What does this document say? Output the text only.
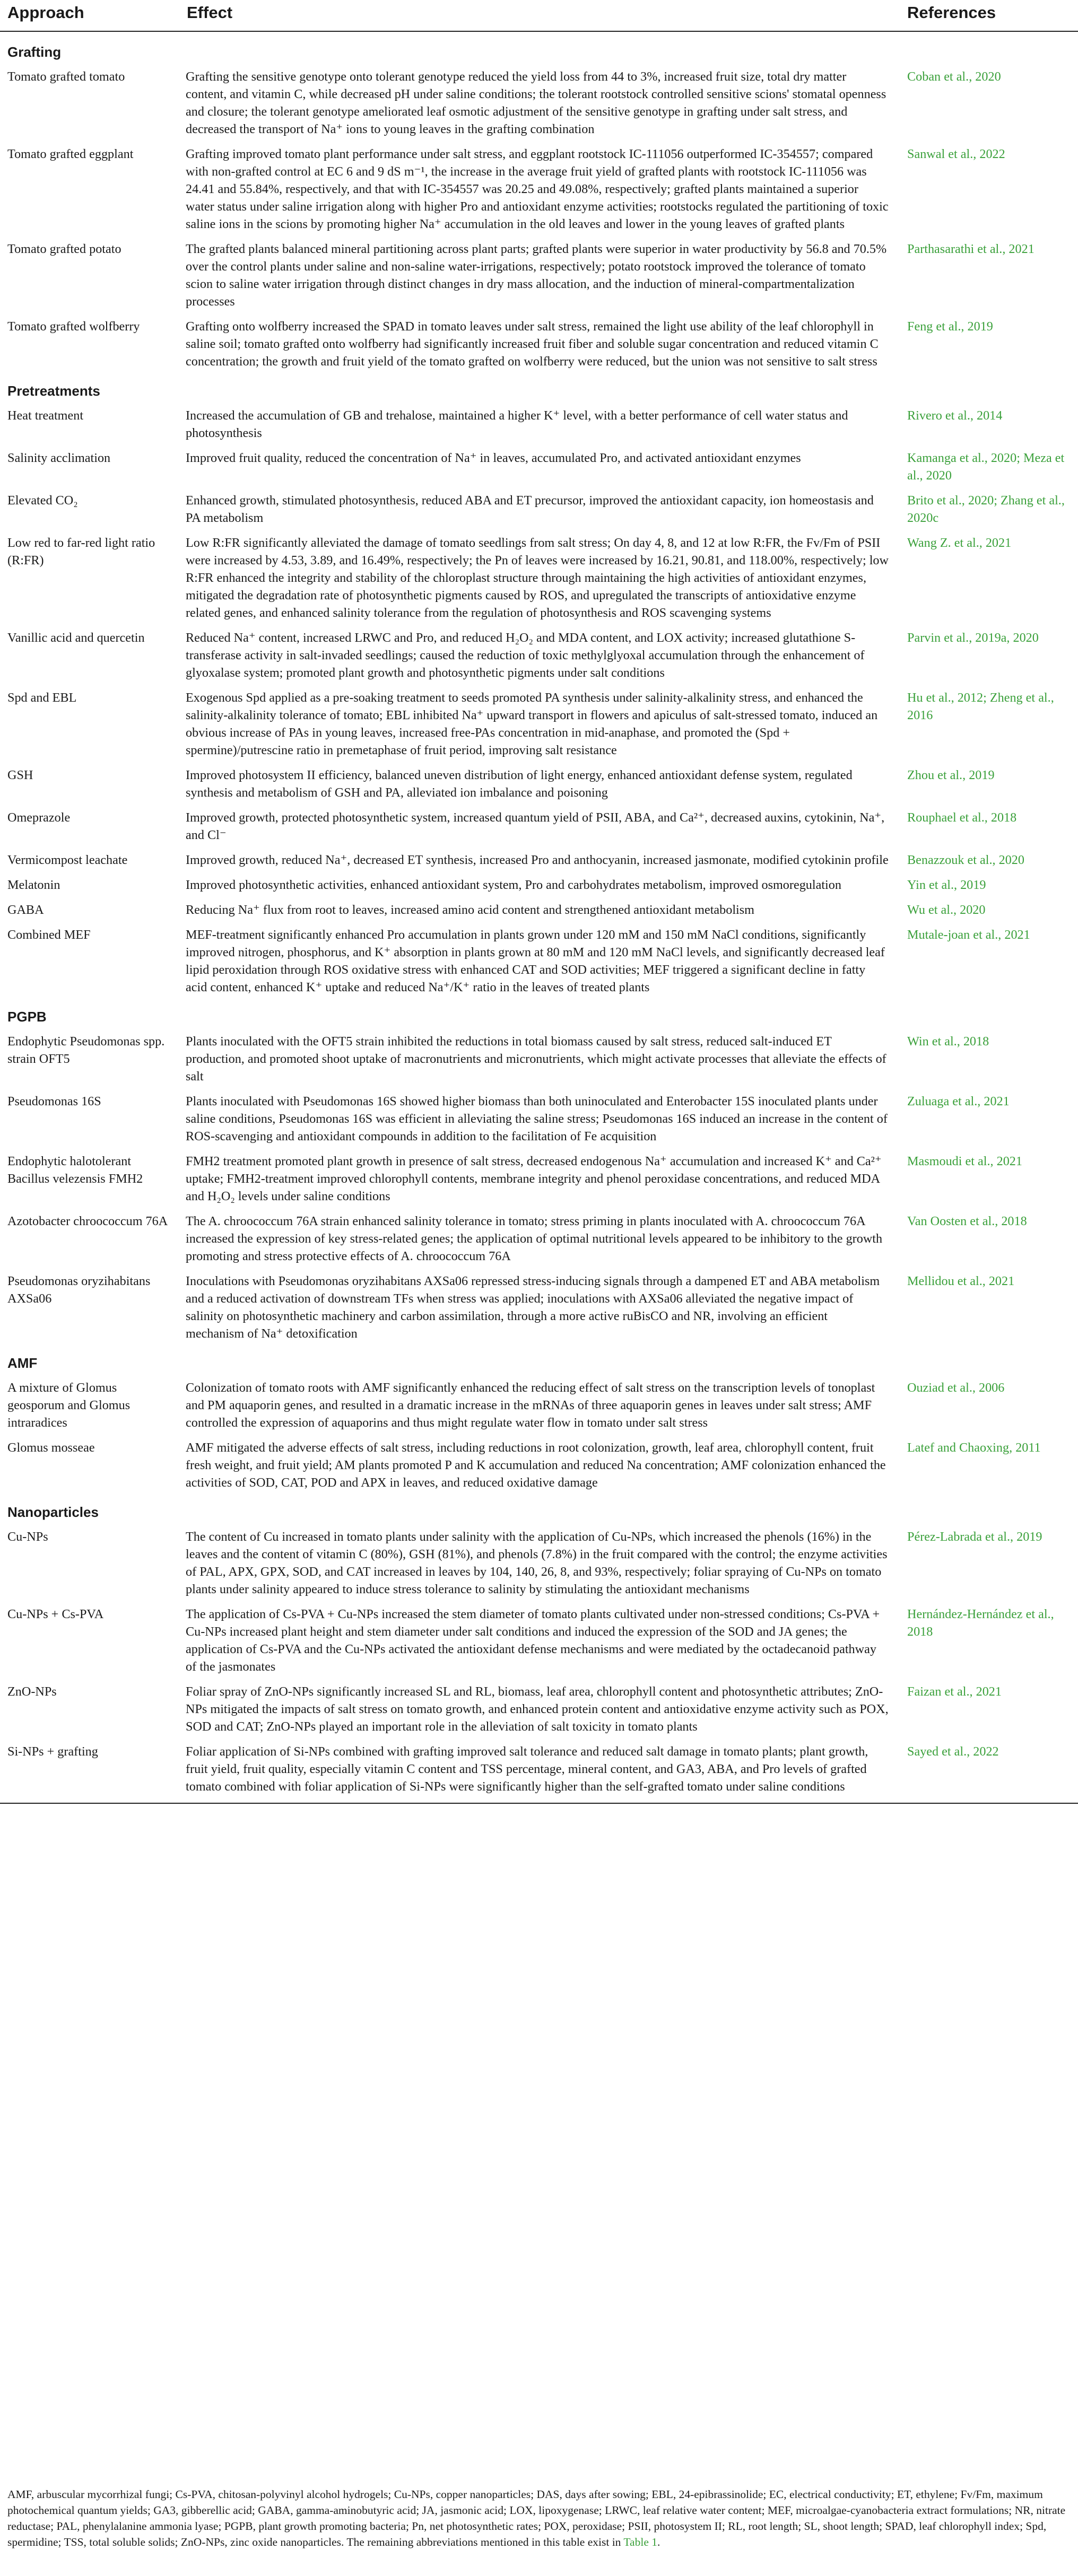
Approach	Effect	References
Grafting		
Tomato grafted tomato	Grafting the sensitive genotype onto tolerant genotype reduced the yield loss from 44 to 3%, increased fruit size, total dry matter content, and vitamin C, while decreased pH under saline conditions; the tolerant rootstock controlled sensitive scions' stomatal openness and closure; the tolerant genotype ameliorated leaf osmotic adjustment of the sensitive genotype in grafting under salt stress, and decreased the transport of Na⁺ ions to young leaves in the grafting combination	Coban et al., 2020
Tomato grafted eggplant	Grafting improved tomato plant performance under salt stress, and eggplant rootstock IC-111056 outperformed IC-354557; compared with non-grafted control at EC 6 and 9 dS m⁻¹, the increase in the average fruit yield of grafted plants with rootstock IC-111056 was 24.41 and 55.84%, respectively, and that with IC-354557 was 20.25 and 49.08%, respectively; grafted plants maintained a superior water status under saline irrigation along with higher Pro and antioxidant enzyme activities; rootstocks regulated the partitioning of toxic saline ions in the scions by promoting higher Na⁺ accumulation in the old leaves and lower in the young leaves of grafted plants	Sanwal et al., 2022
Tomato grafted potato	The grafted plants balanced mineral partitioning across plant parts; grafted plants were superior in water productivity by 56.8 and 70.5% over the control plants under saline and non-saline water-irrigations, respectively; potato rootstock improved the tolerance of tomato scion to saline water irrigation through distinct changes in dry mass allocation, and the induction of mineral-compartmentalization processes	Parthasarathi et al., 2021
Tomato grafted wolfberry	Grafting onto wolfberry increased the SPAD in tomato leaves under salt stress, remained the light use ability of the leaf chlorophyll in saline soil; tomato grafted onto wolfberry had significantly increased fruit fiber and soluble sugar concentration and reduced vitamin C concentration; the growth and fruit yield of the tomato grafted on wolfberry were reduced, but the union was not sensitive to salt stress	Feng et al., 2019
Pretreatments		
Heat treatment	Increased the accumulation of GB and trehalose, maintained a higher K⁺ level, with a better performance of cell water status and photosynthesis	Rivero et al., 2014
Salinity acclimation	Improved fruit quality, reduced the concentration of Na⁺ in leaves, accumulated Pro, and activated antioxidant enzymes	Kamanga et al., 2020; Meza et al., 2020
Elevated CO₂	Enhanced growth, stimulated photosynthesis, reduced ABA and ET precursor, improved the antioxidant capacity, ion homeostasis and PA metabolism	Brito et al., 2020; Zhang et al., 2020c
Low red to far-red light ratio (R:FR)	Low R:FR significantly alleviated the damage of tomato seedlings from salt stress; On day 4, 8, and 12 at low R:FR, the Fv/Fm of PSII were increased by 4.53, 3.89, and 16.49%, respectively; the Pn of leaves were increased by 16.21, 90.81, and 118.00%, respectively; low R:FR enhanced the integrity and stability of the chloroplast structure through maintaining the high activities of antioxidant enzymes, mitigated the degradation rate of photosynthetic pigments caused by ROS, and upregulated the transcripts of antioxidative enzyme related genes, and enhanced salinity tolerance from the regulation of photosynthesis and ROS scavenging systems	Wang Z. et al., 2021
Vanillic acid and quercetin	Reduced Na⁺ content, increased LRWC and Pro, and reduced H₂O₂ and MDA content, and LOX activity; increased glutathione S-transferase activity in salt-invaded seedlings; caused the reduction of toxic methylglyoxal accumulation through the enhancement of glyoxalase system; promoted plant growth and photosynthetic pigments under salt conditions	Parvin et al., 2019a, 2020
Spd and EBL	Exogenous Spd applied as a pre-soaking treatment to seeds promoted PA synthesis under salinity-alkalinity stress, and enhanced the salinity-alkalinity tolerance of tomato; EBL inhibited Na⁺ upward transport in flowers and apiculus of salt-stressed tomato, induced an obvious increase of PAs in young leaves, increased free-PAs concentration in mid-anaphase, and promoted the (Spd + spermine)/putrescine ratio in premetaphase of fruit period, improving salt resistance	Hu et al., 2012; Zheng et al., 2016
GSH	Improved photosystem II efficiency, balanced uneven distribution of light energy, enhanced antioxidant defense system, regulated synthesis and metabolism of GSH and PA, alleviated ion imbalance and poisoning	Zhou et al., 2019
Omeprazole	Improved growth, protected photosynthetic system, increased quantum yield of PSII, ABA, and Ca²⁺, decreased auxins, cytokinin, Na⁺, and Cl⁻	Rouphael et al., 2018
Vermicompost leachate	Improved growth, reduced Na⁺, decreased ET synthesis, increased Pro and anthocyanin, increased jasmonate, modified cytokinin profile	Benazzouk et al., 2020
Melatonin	Improved photosynthetic activities, enhanced antioxidant system, Pro and carbohydrates metabolism, improved osmoregulation	Yin et al., 2019
GABA	Reducing Na⁺ flux from root to leaves, increased amino acid content and strengthened antioxidant metabolism	Wu et al., 2020
Combined MEF	MEF-treatment significantly enhanced Pro accumulation in plants grown under 120 mM and 150 mM NaCl conditions, significantly improved nitrogen, phosphorus, and K⁺ absorption in plants grown at 80 mM and 120 mM NaCl levels, and significantly decreased leaf lipid peroxidation through ROS oxidative stress with enhanced CAT and SOD activities; MEF triggered a significant decline in fatty acid content, enhanced K⁺ uptake and reduced Na⁺/K⁺ ratio in the leaves of treated plants	Mutale-joan et al., 2021
PGPB		
Endophytic Pseudomonas spp. strain OFT5	Plants inoculated with the OFT5 strain inhibited the reductions in total biomass caused by salt stress, reduced salt-induced ET production, and promoted shoot uptake of macronutrients and micronutrients, which might activate processes that alleviate the effects of salt	Win et al., 2018
Pseudomonas 16S	Plants inoculated with Pseudomonas 16S showed higher biomass than both uninoculated and Enterobacter 15S inoculated plants under saline conditions, Pseudomonas 16S was efficient in alleviating the saline stress; Pseudomonas 16S induced an increase in the content of ROS-scavenging and antioxidant compounds in addition to the facilitation of Fe acquisition	Zuluaga et al., 2021
Endophytic halotolerant Bacillus velezensis FMH2	FMH2 treatment promoted plant growth in presence of salt stress, decreased endogenous Na⁺ accumulation and increased K⁺ and Ca²⁺ uptake; FMH2-treatment improved chlorophyll contents, membrane integrity and phenol peroxidase concentrations, and reduced MDA and H₂O₂ levels under saline conditions	Masmoudi et al., 2021
Azotobacter chroococcum 76A	The A. chroococcum 76A strain enhanced salinity tolerance in tomato; stress priming in plants inoculated with A. chroococcum 76A increased the expression of key stress-related genes; the application of optimal nutritional levels appeared to be inhibitory to the growth promoting and stress protective effects of A. chroococcum 76A	Van Oosten et al., 2018
Pseudomonas oryzihabitans AXSa06	Inoculations with Pseudomonas oryzihabitans AXSa06 repressed stress-inducing signals through a dampened ET and ABA metabolism and a reduced activation of downstream TFs when stress was applied; inoculations with AXSa06 alleviated the negative impact of salinity on photosynthetic machinery and carbon assimilation, through a more active ruBisCO and NR, involving an efficient mechanism of Na⁺ detoxification	Mellidou et al., 2021
AMF		
A mixture of Glomus geosporum and Glomus intraradices	Colonization of tomato roots with AMF significantly enhanced the reducing effect of salt stress on the transcription levels of tonoplast and PM aquaporin genes, and resulted in a dramatic increase in the mRNAs of three aquaporin genes in leaves under salt stress; AMF controlled the expression of aquaporins and thus might regulate water flow in tomato under salt stress	Ouziad et al., 2006
Glomus mosseae	AMF mitigated the adverse effects of salt stress, including reductions in root colonization, growth, leaf area, chlorophyll content, fruit fresh weight, and fruit yield; AM plants promoted P and K accumulation and reduced Na concentration; AMF colonization enhanced the activities of SOD, CAT, POD and APX in leaves, and reduced oxidative damage	Latef and Chaoxing, 2011
Nanoparticles		
Cu-NPs	The content of Cu increased in tomato plants under salinity with the application of Cu-NPs, which increased the phenols (16%) in the leaves and the content of vitamin C (80%), GSH (81%), and phenols (7.8%) in the fruit compared with the control; the enzyme activities of PAL, APX, GPX, SOD, and CAT increased in leaves by 104, 140, 26, 8, and 93%, respectively; foliar spraying of Cu-NPs on tomato plants under salinity appeared to induce stress tolerance to salinity by stimulating the antioxidant mechanisms	Pérez-Labrada et al., 2019
Cu-NPs + Cs-PVA	The application of Cs-PVA + Cu-NPs increased the stem diameter of tomato plants cultivated under non-stressed conditions; Cs-PVA + Cu-NPs increased plant height and stem diameter under salt conditions and induced the expression of the SOD and JA genes; the application of Cs-PVA and the Cu-NPs activated the antioxidant defense mechanisms and were mediated by the octadecanoid pathway of the jasmonates	Hernández-Hernández et al., 2018
ZnO-NPs	Foliar spray of ZnO-NPs significantly increased SL and RL, biomass, leaf area, chlorophyll content and photosynthetic attributes; ZnO-NPs mitigated the impacts of salt stress on tomato growth, and enhanced protein content and antioxidative enzyme activity such as POX, SOD and CAT; ZnO-NPs played an important role in the alleviation of salt toxicity in tomato plants	Faizan et al., 2021
Si-NPs + grafting	Foliar application of Si-NPs combined with grafting improved salt tolerance and reduced salt damage in tomato plants; plant growth, fruit yield, fruit quality, especially vitamin C content and TSS percentage, mineral content, and GA3, ABA, and Pro levels of grafted tomato combined with foliar application of Si-NPs were significantly higher than the self-grafted tomato under saline conditions	Sayed et al., 2022
AMF, arbuscular mycorrhizal fungi; Cs-PVA, chitosan-polyvinyl alcohol hydrogels; Cu-NPs, copper nanoparticles; DAS, days after sowing; EBL, 24-epibrassinolide; EC, electrical conductivity; ET, ethylene; Fv/Fm, maximum photochemical quantum yields; GA3, gibberellic acid; GABA, gamma-aminobutyric acid; JA, jasmonic acid; LOX, lipoxygenase; LRWC, leaf relative water content; MEF, microalgae-cyanobacteria extract formulations; NR, nitrate reductase; PAL, phenylalanine ammonia lyase; PGPB, plant growth promoting bacteria; Pn, net photosynthetic rates; POX, peroxidase; PSII, photosystem II; RL, root length; SL, shoot length; SPAD, leaf chlorophyll index; Spd, spermidine; TSS, total soluble solids; ZnO-NPs, zinc oxide nanoparticles. The remaining abbreviations mentioned in this table exist in Table 1.
